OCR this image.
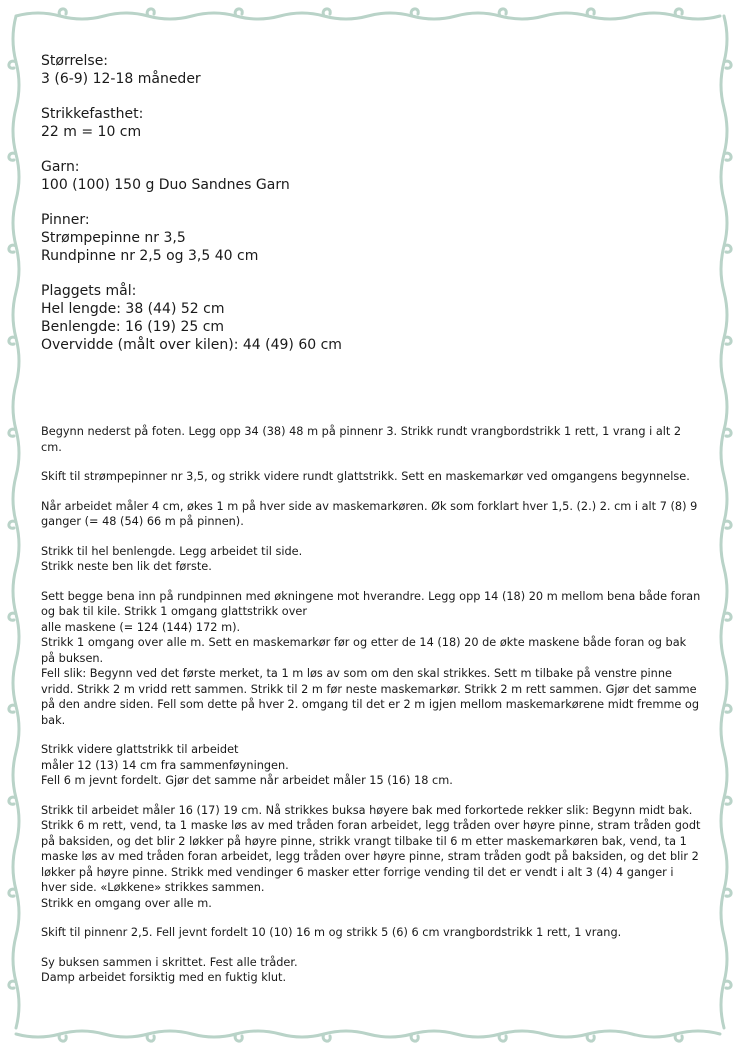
Størrelse:
3 (6-9) 12-18 måneder
Strikkefasthet:
22 m = 10 cm
Garn:
100 (100) 150 g Duo Sandnes Garn
Pinner:
Strømpepinne nr 3,5
Rundpinne nr 2,5 og 3,5 40 cm
Plaggets mål:
Hel lengde: 38 (44) 52 cm
Benlengde: 16 (19) 25 cm
Overvidde (målt over kilen): 44 (49) 60 cm
Begynn nederst på foten. Legg opp 34 (38) 48 m på pinnenr 3. Strikk rundt vrangbordstrikk 1 rett, 1 vrang i alt 2 cm.
Skift til strømpepinner nr 3,5, og strikk videre rundt glattstrikk. Sett en maskemarkør ved omgangens begynnelse.
Når arbeidet måler 4 cm, økes 1 m på hver side av maskemarkøren. Øk som forklart hver 1,5. (2.) 2. cm i alt 7 (8) 9 ganger (= 48 (54) 66 m på pinnen).
Strikk til hel benlengde. Legg arbeidet til side.
Strikk neste ben lik det første.
Sett begge bena inn på rundpinnen med økningene mot hverandre. Legg opp 14 (18) 20 m mellom bena både foran og bak til kile. Strikk 1 omgang glattstrikk over
alle maskene (= 124 (144) 172 m).
Strikk 1 omgang over alle m. Sett en maskemarkør før og etter de 14 (18) 20 de økte maskene både foran og bak på buksen.
Fell slik: Begynn ved det første merket, ta 1 m løs av som om den skal strikkes. Sett m tilbake på venstre pinne vridd. Strikk 2 m vridd rett sammen. Strikk til 2 m før neste maskemarkør. Strikk 2 m rett sammen. Gjør det samme på den andre siden. Fell som dette på hver 2. omgang til det er 2 m igjen mellom maskemarkørene midt fremme og bak.
Strikk videre glattstrikk til arbeidet
måler 12 (13) 14 cm fra sammenføyningen.
Fell 6 m jevnt fordelt. Gjør det samme når arbeidet måler 15 (16) 18 cm.
Strikk til arbeidet måler 16 (17) 19 cm. Nå strikkes buksa høyere bak med forkortede rekker slik: Begynn midt bak. Strikk 6 m rett, vend, ta 1 maske løs av med tråden foran arbeidet, legg tråden over høyre pinne, stram tråden godt på baksiden, og det blir 2 løkker på høyre pinne, strikk vrangt tilbake til 6 m etter maskemarkøren bak, vend, ta 1 maske løs av med tråden foran arbeidet, legg tråden over høyre pinne, stram tråden godt på baksiden, og det blir 2 løkker på høyre pinne. Strikk med vendinger 6 masker etter forrige vending til det er vendt i alt 3 (4) 4 ganger i hver side. «Løkkene» strikkes sammen.
Strikk en omgang over alle m.
Skift til pinnenr 2,5. Fell jevnt fordelt 10 (10) 16 m og strikk 5 (6) 6 cm vrangbordstrikk 1 rett, 1 vrang.
Sy buksen sammen i skrittet. Fest alle tråder.
Damp arbeidet forsiktig med en fuktig klut.
